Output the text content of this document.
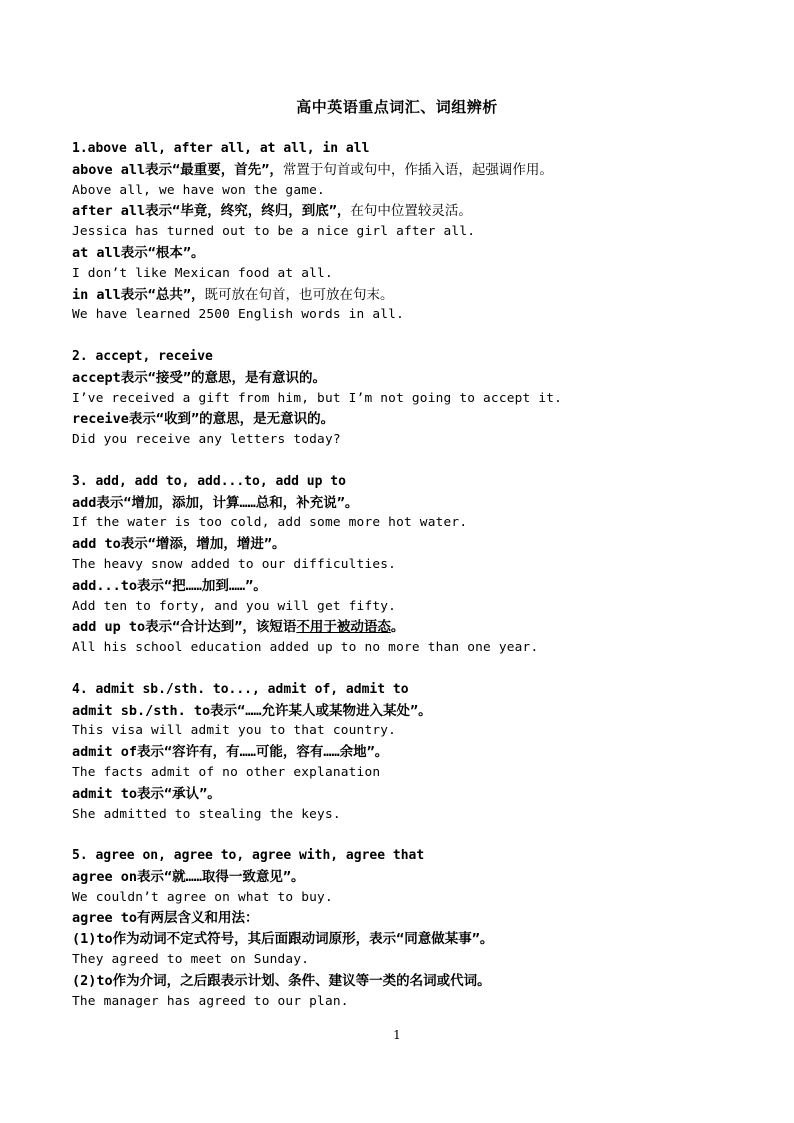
高中英语重点词汇、词组辨析
1.above all, after all, at all, in all
above all表示“最重要，首先”，常置于句首或句中，作插入语，起强调作用。
Above all, we have won the game.
after all表示“毕竟，终究，终归，到底”，在句中位置较灵活。
Jessica has turned out to be a nice girl after all.
at all表示“根本”。
I don’t like Mexican food at all.
in all表示“总共”，既可放在句首，也可放在句末。
We have learned 2500 English words in all.
2. accept, receive
accept表示“接受”的意思，是有意识的。
I’ve received a gift from him, but I’m not going to accept it.
receive表示“收到”的意思，是无意识的。
Did you receive any letters today?
3. add, add to, add...to, add up to
add表示“增加，添加，计算……总和，补充说”。
If the water is too cold, add some more hot water.
add to表示“增添，增加，增进”。
The heavy snow added to our difficulties.
add...to表示“把……加到……”。
Add ten to forty, and you will get fifty.
add up to表示“合计达到”，该短语不用于被动语态。
All his school education added up to no more than one year.
4. admit sb./sth. to..., admit of, admit to
admit sb./sth. to表示“……允许某人或某物进入某处”。
This visa will admit you to that country.
admit of表示“容许有，有……可能，容有……余地”。
The facts admit of no other explanation
admit to表示“承认”。
She admitted to stealing the keys.
5. agree on, agree to, agree with, agree that
agree on表示“就……取得一致意见”。
We couldn’t agree on what to buy.
agree to有两层含义和用法：
(1)to作为动词不定式符号，其后面跟动词原形，表示“同意做某事”。
They agreed to meet on Sunday.
(2)to作为介词，之后跟表示计划、条件、建议等一类的名词或代词。
The manager has agreed to our plan.
1
